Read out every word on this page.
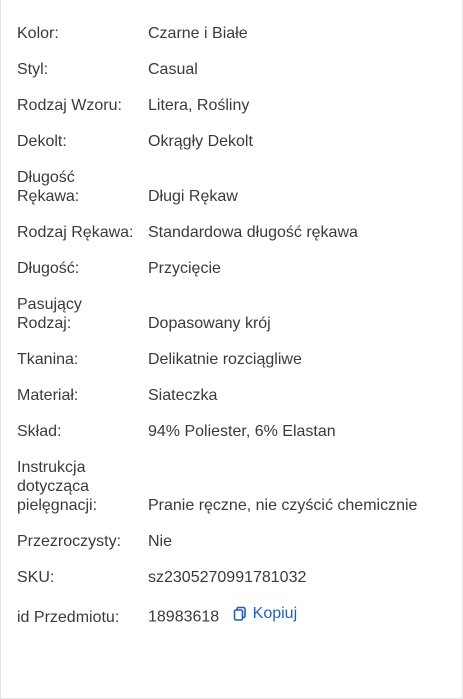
Kolor:	Czarne i Białe
Styl:	Casual
Rodzaj Wzoru:	Litera, Rośliny
Dekolt:	Okrągły Dekolt
Długość
Rękawa:	Długi Rękaw
Rodzaj Rękawa: Standardowa długość rękawa
Długość:	Przycięcie
Pasujący
Rodzaj:	Dopasowany krój
Tkanina:	Delikatnie rozciągliwe
Materiał:	Siateczka
Skład:	94% Poliester, 6% Elastan
Instrukcja
dotycząca
pielęgnacji:	Pranie ręczne, nie czyścić chemicznie
Przezroczysty:	Nie
SKU:	sz2305270991781032
id Przedmiotu:	18983618 Kopiuj
